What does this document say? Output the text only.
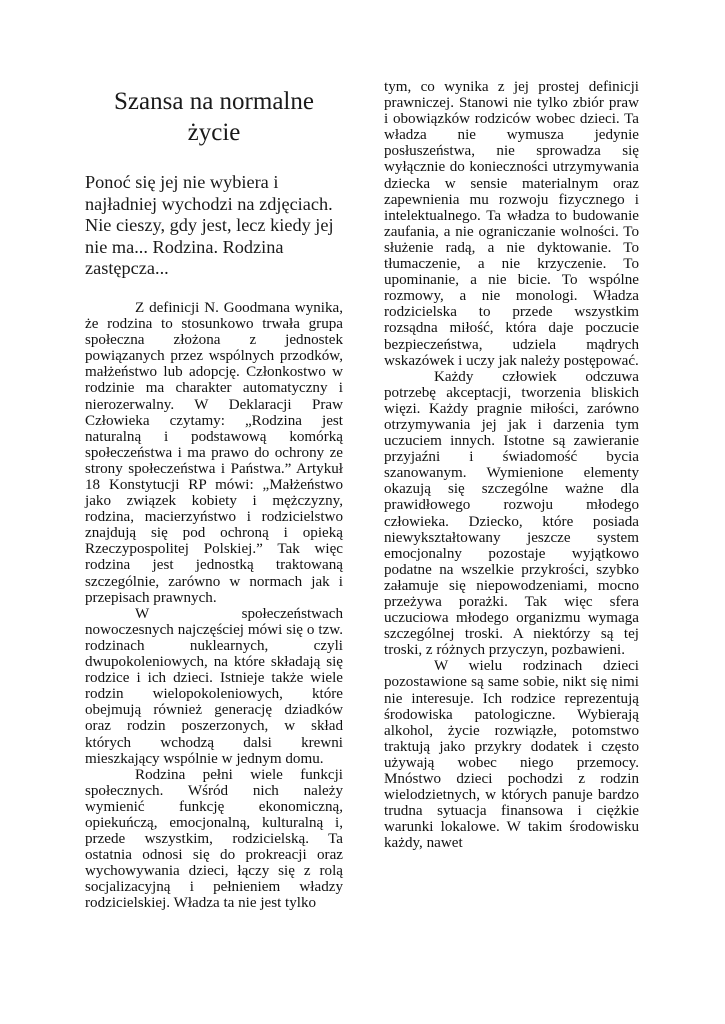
Szansa na normalne życie

Ponoć się jej nie wybiera i najładniej wychodzi na zdjęciach. Nie cieszy, gdy jest, lecz kiedy jej nie ma... Rodzina. Rodzina zastępcza...

Z definicji N. Goodmana wynika, że rodzina to stosunkowo trwała grupa społeczna złożona z jednostek powiązanych przez wspólnych przodków, małżeństwo lub adopcję. Członkostwo w rodzinie ma charakter automatyczny i nierozerwalny. W Deklaracji Praw Człowieka czytamy: „Rodzina jest naturalną i podstawową komórką społeczeństwa i ma prawo do ochrony ze strony społeczeństwa i Państwa.” Artykuł 18 Konstytucji RP mówi: „Małżeństwo jako związek kobiety i mężczyzny, rodzina, macierzyństwo i rodzicielstwo znajdują się pod ochroną i opieką Rzeczypospolitej Polskiej.” Tak więc rodzina jest jednostką traktowaną szczególnie, zarówno w normach jak i przepisach prawnych.

W społeczeństwach nowoczesnych najczęściej mówi się o tzw. rodzinach nuklearnych, czyli dwupokoleniowych, na które składają się rodzice i ich dzieci. Istnieje także wiele rodzin wielopokoleniowych, które obejmują również generację dziadków oraz rodzin poszerzonych, w skład których wchodzą dalsi krewni mieszkający wspólnie w jednym domu.

Rodzina pełni wiele funkcji społecznych. Wśród nich należy wymienić funkcję ekonomiczną, opiekuńczą, emocjonalną, kulturalną i, przede wszystkim, rodzicielską. Ta ostatnia odnosi się do prokreacji oraz wychowywania dzieci, łączy się z rolą socjalizacyjną i pełnieniem władzy rodzicielskiej. Władza ta nie jest tylko

tym, co wynika z jej prostej definicji prawniczej. Stanowi nie tylko zbiór praw i obowiązków rodziców wobec dzieci. Ta władza nie wymusza jedynie posłuszeństwa, nie sprowadza się wyłącznie do konieczności utrzymywania dziecka w sensie materialnym oraz zapewnienia mu rozwoju fizycznego i intelektualnego. Ta władza to budowanie zaufania, a nie ograniczanie wolności. To służenie radą, a nie dyktowanie. To tłumaczenie, a nie krzyczenie. To upominanie, a nie bicie. To wspólne rozmowy, a nie monologi. Władza rodzicielska to przede wszystkim rozsądna miłość, która daje poczucie bezpieczeństwa, udziela mądrych wskazówek i uczy jak należy postępować.

Każdy człowiek odczuwa potrzebę akceptacji, tworzenia bliskich więzi. Każdy pragnie miłości, zarówno otrzymywania jej jak i darzenia tym uczuciem innych. Istotne są zawieranie przyjaźni i świadomość bycia szanowanym. Wymienione elementy okazują się szczególne ważne dla prawidłowego rozwoju młodego człowieka. Dziecko, które posiada niewykształtowany jeszcze system emocjonalny pozostaje wyjątkowo podatne na wszelkie przykrości, szybko załamuje się niepowodzeniami, mocno przeżywa porażki. Tak więc sfera uczuciowa młodego organizmu wymaga szczególnej troski. A niektórzy są tej troski, z różnych przyczyn, pozbawieni.

W wielu rodzinach dzieci pozostawione są same sobie, nikt się nimi nie interesuje. Ich rodzice reprezentują środowiska patologiczne. Wybierają alkohol, życie rozwiązłe, potomstwo traktują jako przykry dodatek i często używają wobec niego przemocy. Mnóstwo dzieci pochodzi z rodzin wielodzietnych, w których panuje bardzo trudna sytuacja finansowa i ciężkie warunki lokalowe. W takim środowisku każdy, nawet
